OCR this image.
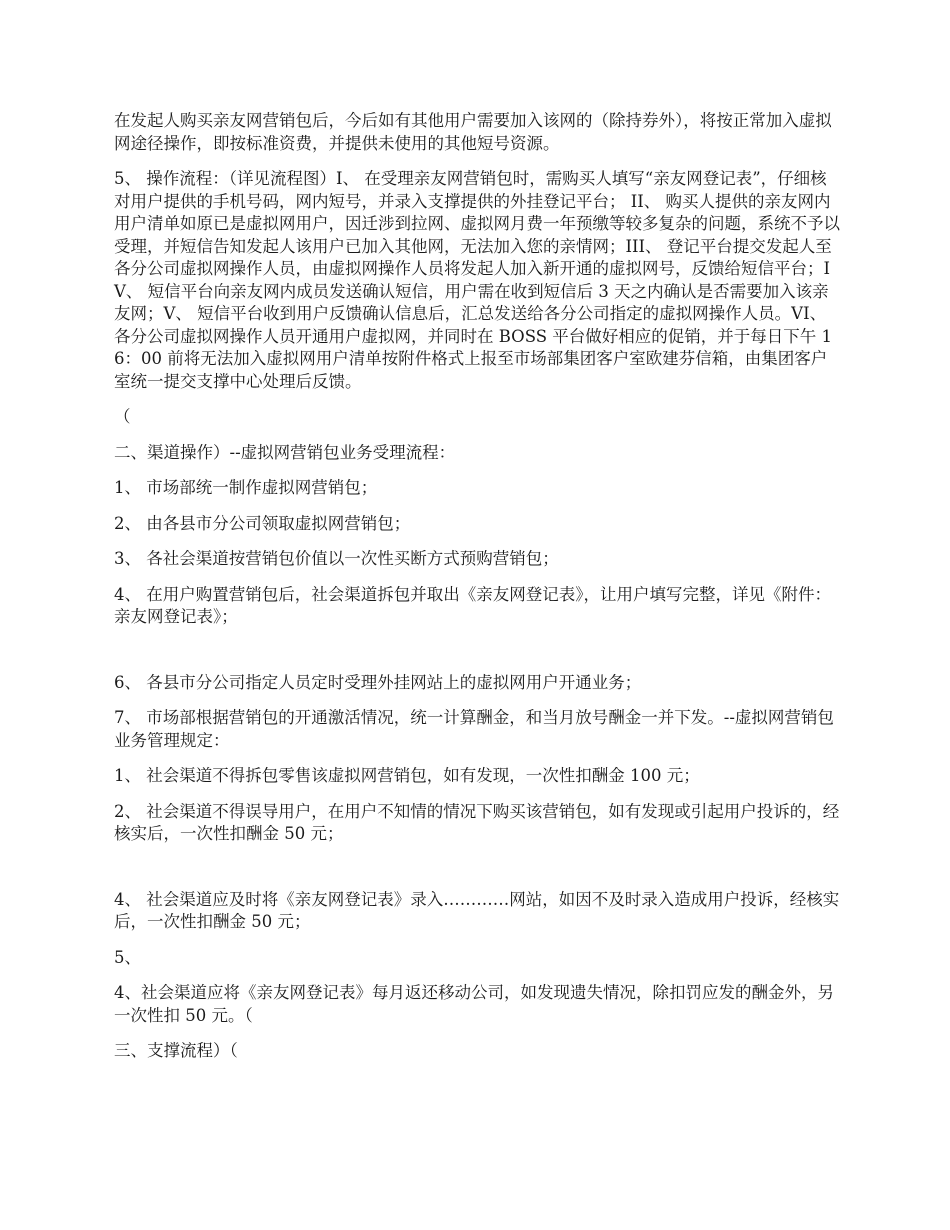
在发起人购买亲友网营销包后，今后如有其他用户需要加入该网的（除持券外），将按正常加入虚拟网途径操作，即按标准资费，并提供未使用的其他短号资源。

5、 操作流程：（详见流程图）I、 在受理亲友网营销包时，需购买人填写“亲友网登记表”，仔细核对用户提供的手机号码，网内短号，并录入支撑提供的外挂登记平台； II、 购买人提供的亲友网内用户清单如原已是虚拟网用户，因迁涉到拉网、虚拟网月费一年预缴等较多复杂的问题，系统不予以受理，并短信告知发起人该用户已加入其他网，无法加入您的亲情网；III、 登记平台提交发起人至各分公司虚拟网操作人员，由虚拟网操作人员将发起人加入新开通的虚拟网号，反馈给短信平台；IV、 短信平台向亲友网内成员发送确认短信，用户需在收到短信后 3 天之内确认是否需要加入该亲友网；V、 短信平台收到用户反馈确认信息后，汇总发送给各分公司指定的虚拟网操作人员。VI、 各分公司虚拟网操作人员开通用户虚拟网，并同时在 BOSS 平台做好相应的促销，并于每日下午 16：00 前将无法加入虚拟网用户清单按附件格式上报至市场部集团客户室欧建芬信箱，由集团客户室统一提交支撑中心处理后反馈。

（

二、渠道操作）--虚拟网营销包业务受理流程：

1、 市场部统一制作虚拟网营销包；

2、 由各县市分公司领取虚拟网营销包；

3、 各社会渠道按营销包价值以一次性买断方式预购营销包；

4、 在用户购置营销包后，社会渠道拆包并取出《亲友网登记表》，让用户填写完整，详见《附件：亲友网登记表》；

6、 各县市分公司指定人员定时受理外挂网站上的虚拟网用户开通业务；

7、 市场部根据营销包的开通激活情况，统一计算酬金，和当月放号酬金一并下发。--虚拟网营销包业务管理规定：

1、 社会渠道不得拆包零售该虚拟网营销包，如有发现，一次性扣酬金 100 元；

2、 社会渠道不得误导用户，在用户不知情的情况下购买该营销包，如有发现或引起用户投诉的，经核实后，一次性扣酬金 50 元；

4、 社会渠道应及时将《亲友网登记表》录入…………网站，如因不及时录入造成用户投诉，经核实后，一次性扣酬金 50 元；

5、

4、社会渠道应将《亲友网登记表》每月返还移动公司，如发现遗失情况，除扣罚应发的酬金外，另一次性扣 50 元。（

三、支撑流程）（
